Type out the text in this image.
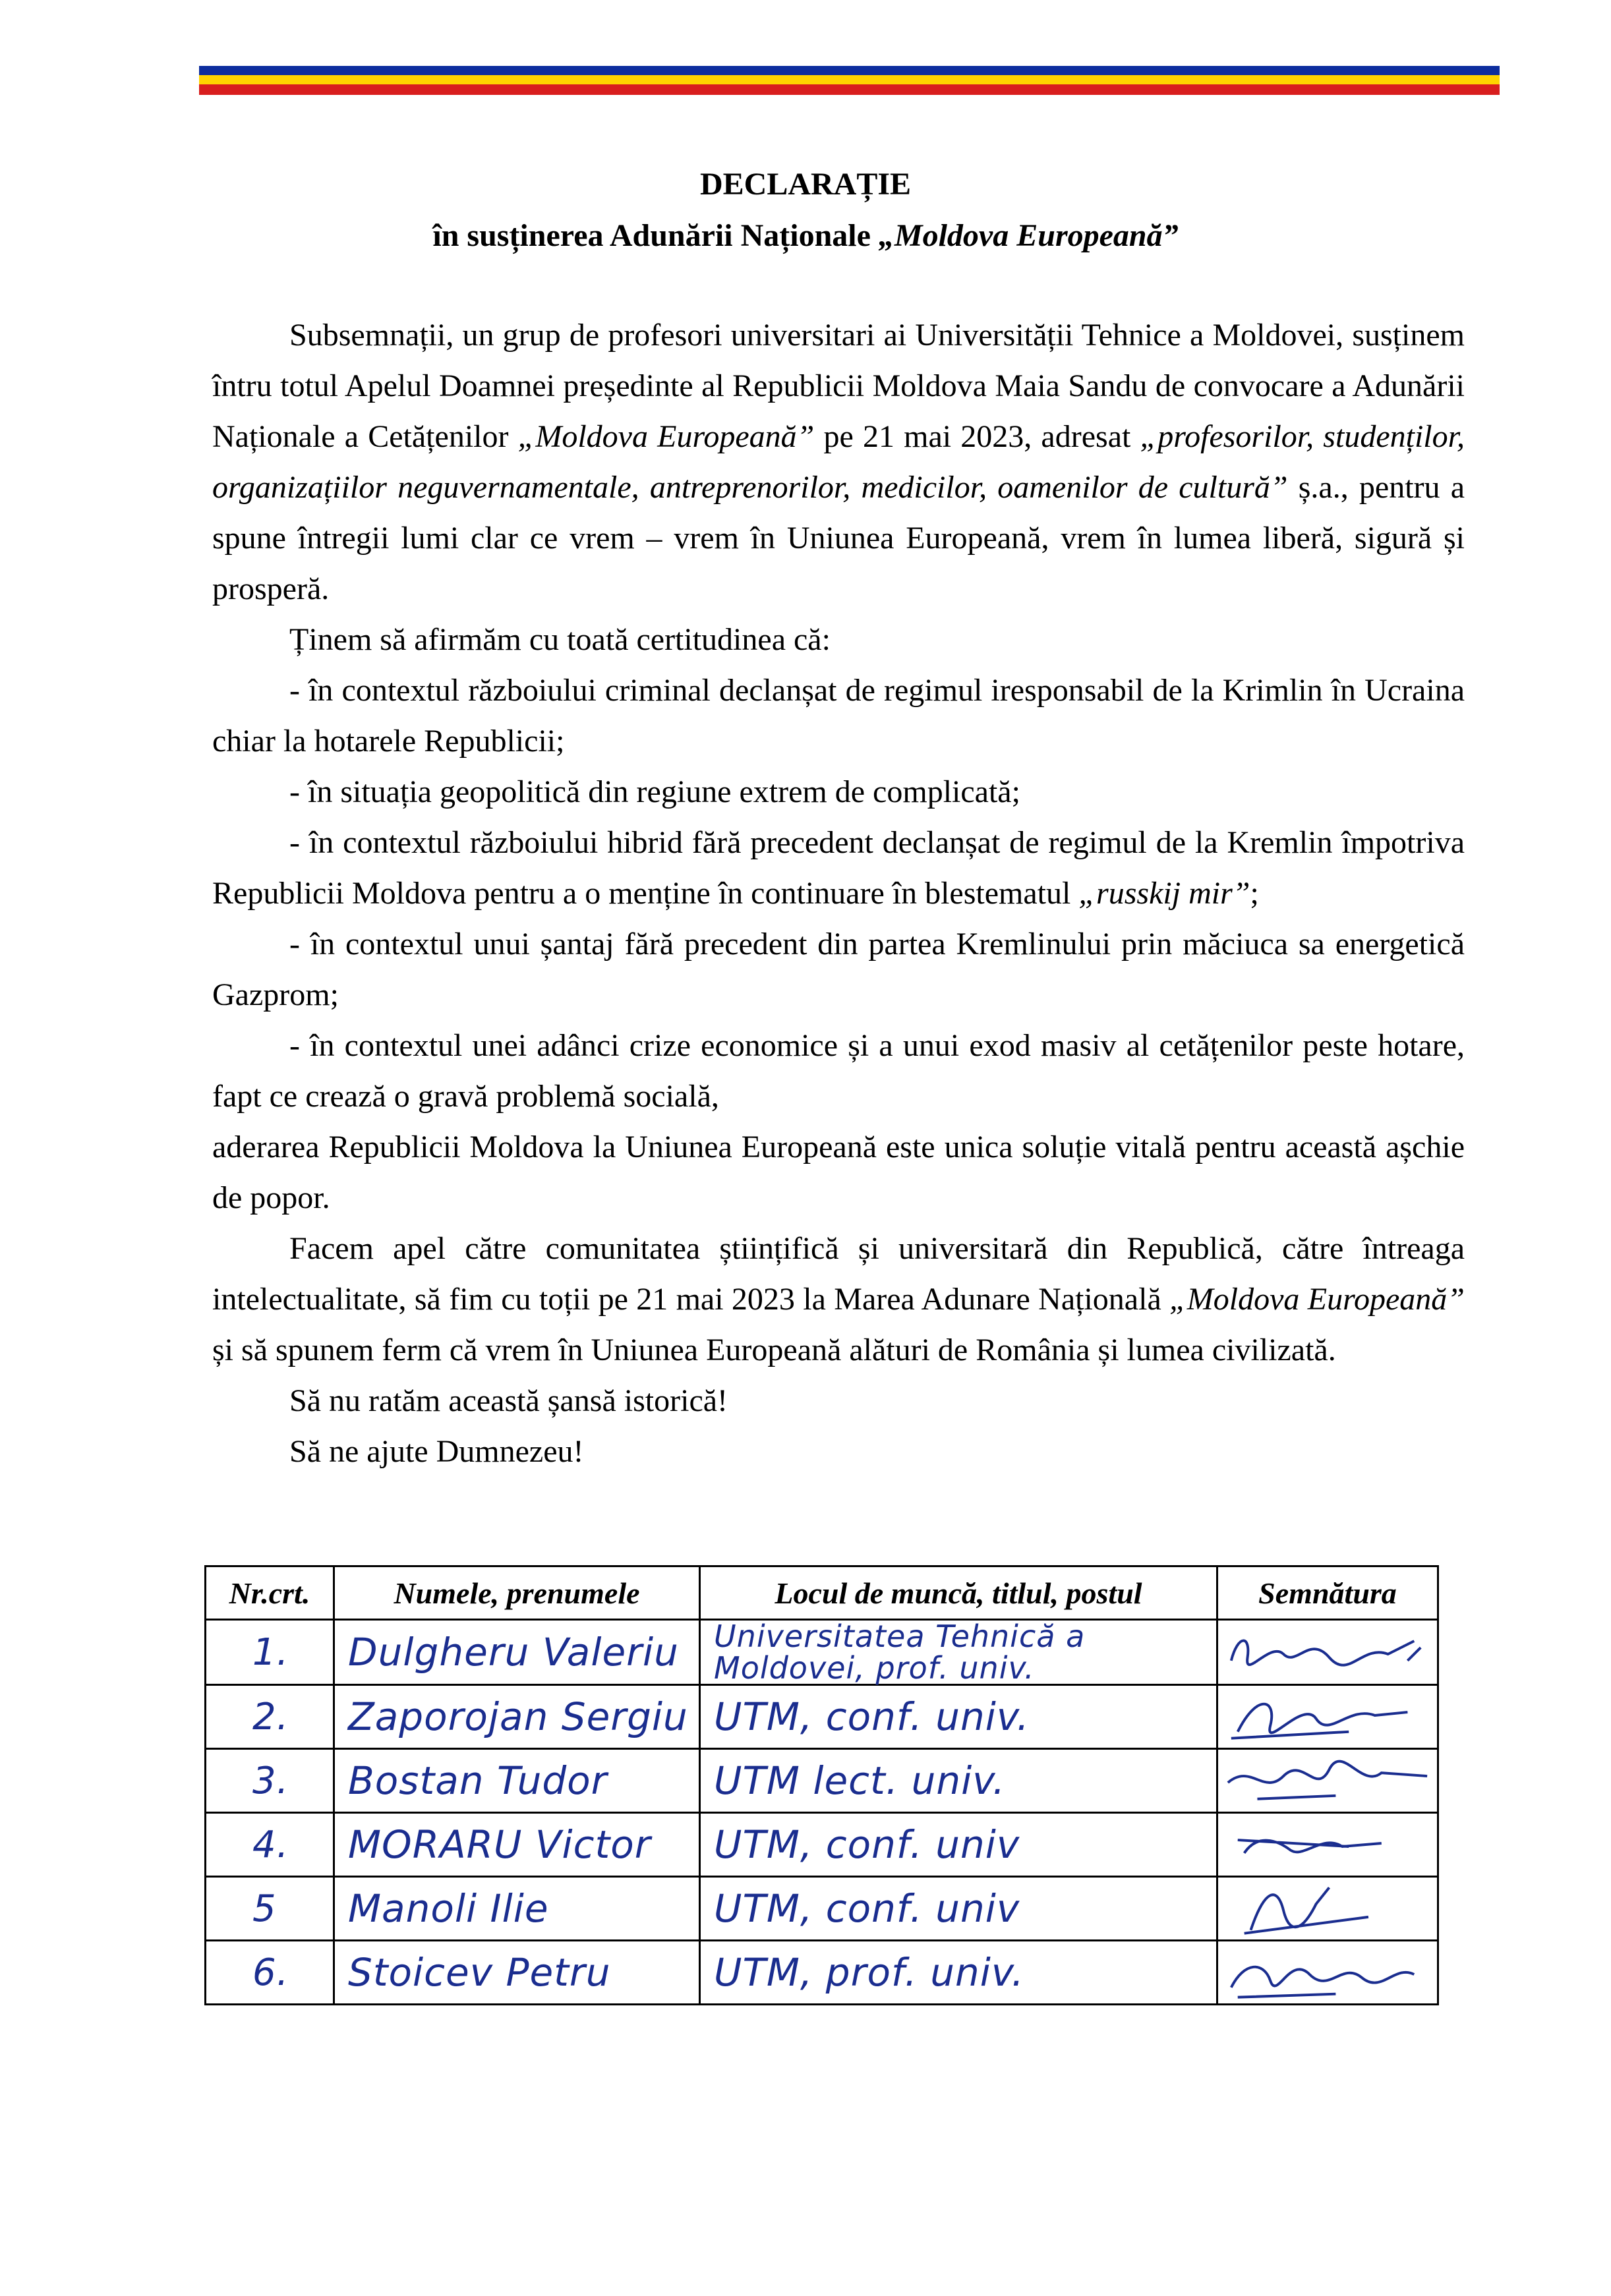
DECLARAȚIE
în susținerea Adunării Naționale „Moldova Europeană”

Subsemnații, un grup de profesori universitari ai Universității Tehnice a Moldovei, susținem întru totul Apelul Doamnei președinte al Republicii Moldova Maia Sandu de convocare a Adunării Naționale a Cetățenilor „Moldova Europeană” pe 21 mai 2023, adresat „profesorilor, studenților, organizațiilor neguvernamentale, antreprenorilor, medicilor, oamenilor de cultură” ș.a., pentru a spune întregii lumi clar ce vrem – vrem în Uniunea Europeană, vrem în lumea liberă, sigură și prosperă.

Ținem să afirmăm cu toată certitudinea că:

- în contextul războiului criminal declanșat de regimul iresponsabil de la Krimlin în Ucraina chiar la hotarele Republicii;

- în situația geopolitică din regiune extrem de complicată;

- în contextul războiului hibrid fără precedent declanșat de regimul de la Kremlin împotriva Republicii Moldova pentru a o menține în continuare în blestematul „russkij mir”;

- în contextul unui șantaj fără precedent din partea Kremlinului prin măciuca sa energetică Gazprom;

- în contextul unei adânci crize economice și a unui exod masiv al cetățenilor peste hotare, fapt ce crează o gravă problemă socială,

aderarea Republicii Moldova la Uniunea Europeană este unica soluție vitală pentru această așchie de popor.

Facem apel către comunitatea științifică și universitară din Republică, către întreaga intelectualitate, să fim cu toții pe 21 mai 2023 la Marea Adunare Națională „Moldova Europeană” și să spunem ferm că vrem în Uniunea Europeană alături de România și lumea civilizată.

Să nu ratăm această șansă istorică!

Să ne ajute Dumnezeu!

Nr.crt.	Numele, prenumele	Locul de muncă, titlul, postul	Semnătura

1.	Dulgheru Valeriu	Universitatea Tehnică a Moldovei, prof. univ.

2.	Zaporojan Sergiu	UTM, conf. univ.

3.	Bostan Tudor	UTM lect. univ.

4.	MORARU Victor	UTM, conf. univ

5	Manoli Ilie	UTM, conf. univ

6.	Stoicev Petru	UTM, prof. univ.
